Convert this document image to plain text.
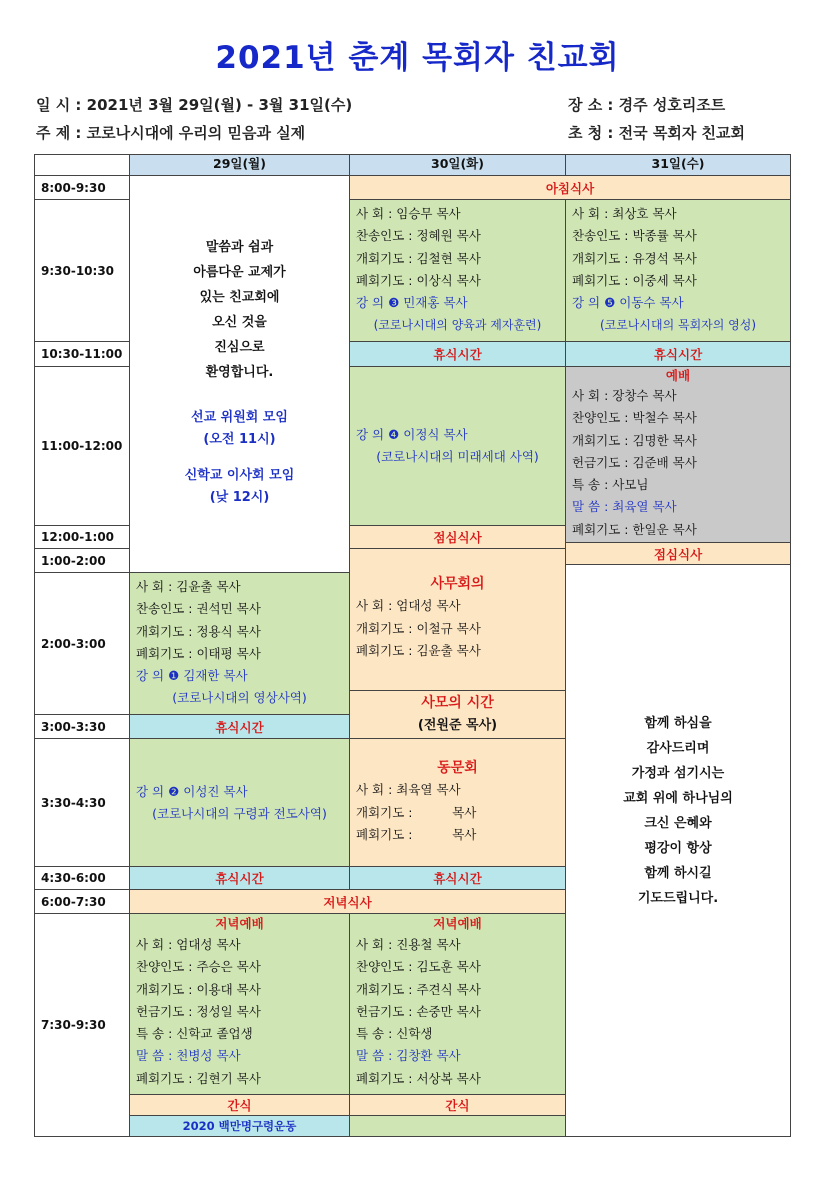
2021년 춘계 목회자 친교회
일 시 : 2021년 3월 29일(월) - 3월 31일(수)
주 제 : 코로나시대에 우리의 믿음과 실제
장 소 : 경주 성호리조트
초 청 : 전국 목회자 친교회
29일(월)	30일(화)	31일(수)
8:00-9:30
9:30-10:30
10:30-11:00
11:00-12:00
12:00-1:00
1:00-2:00
2:00-3:00
3:00-3:30
3:30-4:30
4:30-6:00
6:00-7:30
7:30-9:30
말씀과 쉼과
아름다운 교제가
있는 친교회에
오신 것을
진심으로
환영합니다.
선교 위원회 모임
(오전 11시)
신학교 이사회 모임
(낮 12시)
사 회 : 김윤출 목사
찬송인도 : 권석민 목사
개회기도 : 정용식 목사
폐회기도 : 이태평 목사
강 의 ❶ 김재한 목사
(코로나시대의 영상사역)
휴식시간
강 의 ❷ 이성진 목사
(코로나시대의 구령과 전도사역)
휴식시간
저녁식사
저녁예배
사 회 : 엄대성 목사
찬양인도 : 주승은 목사
개회기도 : 이용대 목사
헌금기도 : 정성일 목사
특 송 : 신학교 졸업생
말 씀 : 천병성 목사
폐회기도 : 김현기 목사
간식
2020 백만명구령운동
아침식사
사 회 : 임승무 목사
찬송인도 : 정혜원 목사
개회기도 : 김철현 목사
폐회기도 : 이상식 목사
강 의 ❸ 민재홍 목사
(코로나시대의 양육과 제자훈련)
휴식시간
강 의 ❹ 이정식 목사
(코로나시대의 미래세대 사역)
점심식사
사무회의
사 회 : 엄대성 목사
개회기도 : 이철규 목사
폐회기도 : 김윤출 목사
사모의 시간
(전원준 목사)
동문회
사 회 : 최육열 목사
개회기도 :          목사
폐회기도 :          목사
휴식시간
저녁예배
사 회 : 진용철 목사
찬양인도 : 김도훈 목사
개회기도 : 주견식 목사
헌금기도 : 손중만 목사
특 송 : 신학생
말 씀 : 김창환 목사
폐회기도 : 서상복 목사
간식
사 회 : 최상호 목사
찬송인도 : 박종률 목사
개회기도 : 유경석 목사
폐회기도 : 이중세 목사
강 의 ❺ 이동수 목사
(코로나시대의 목회자의 영성)
휴식시간
예배
사 회 : 장창수 목사
찬양인도 : 박철수 목사
개회기도 : 김명한 목사
헌금기도 : 김준배 목사
특 송 : 사모님
말 씀 : 최육열 목사
폐회기도 : 한일운 목사
점심식사
함께 하심을
감사드리며
가정과 섬기시는
교회 위에 하나님의
크신 은혜와
평강이 항상
함께 하시길
기도드립니다.
